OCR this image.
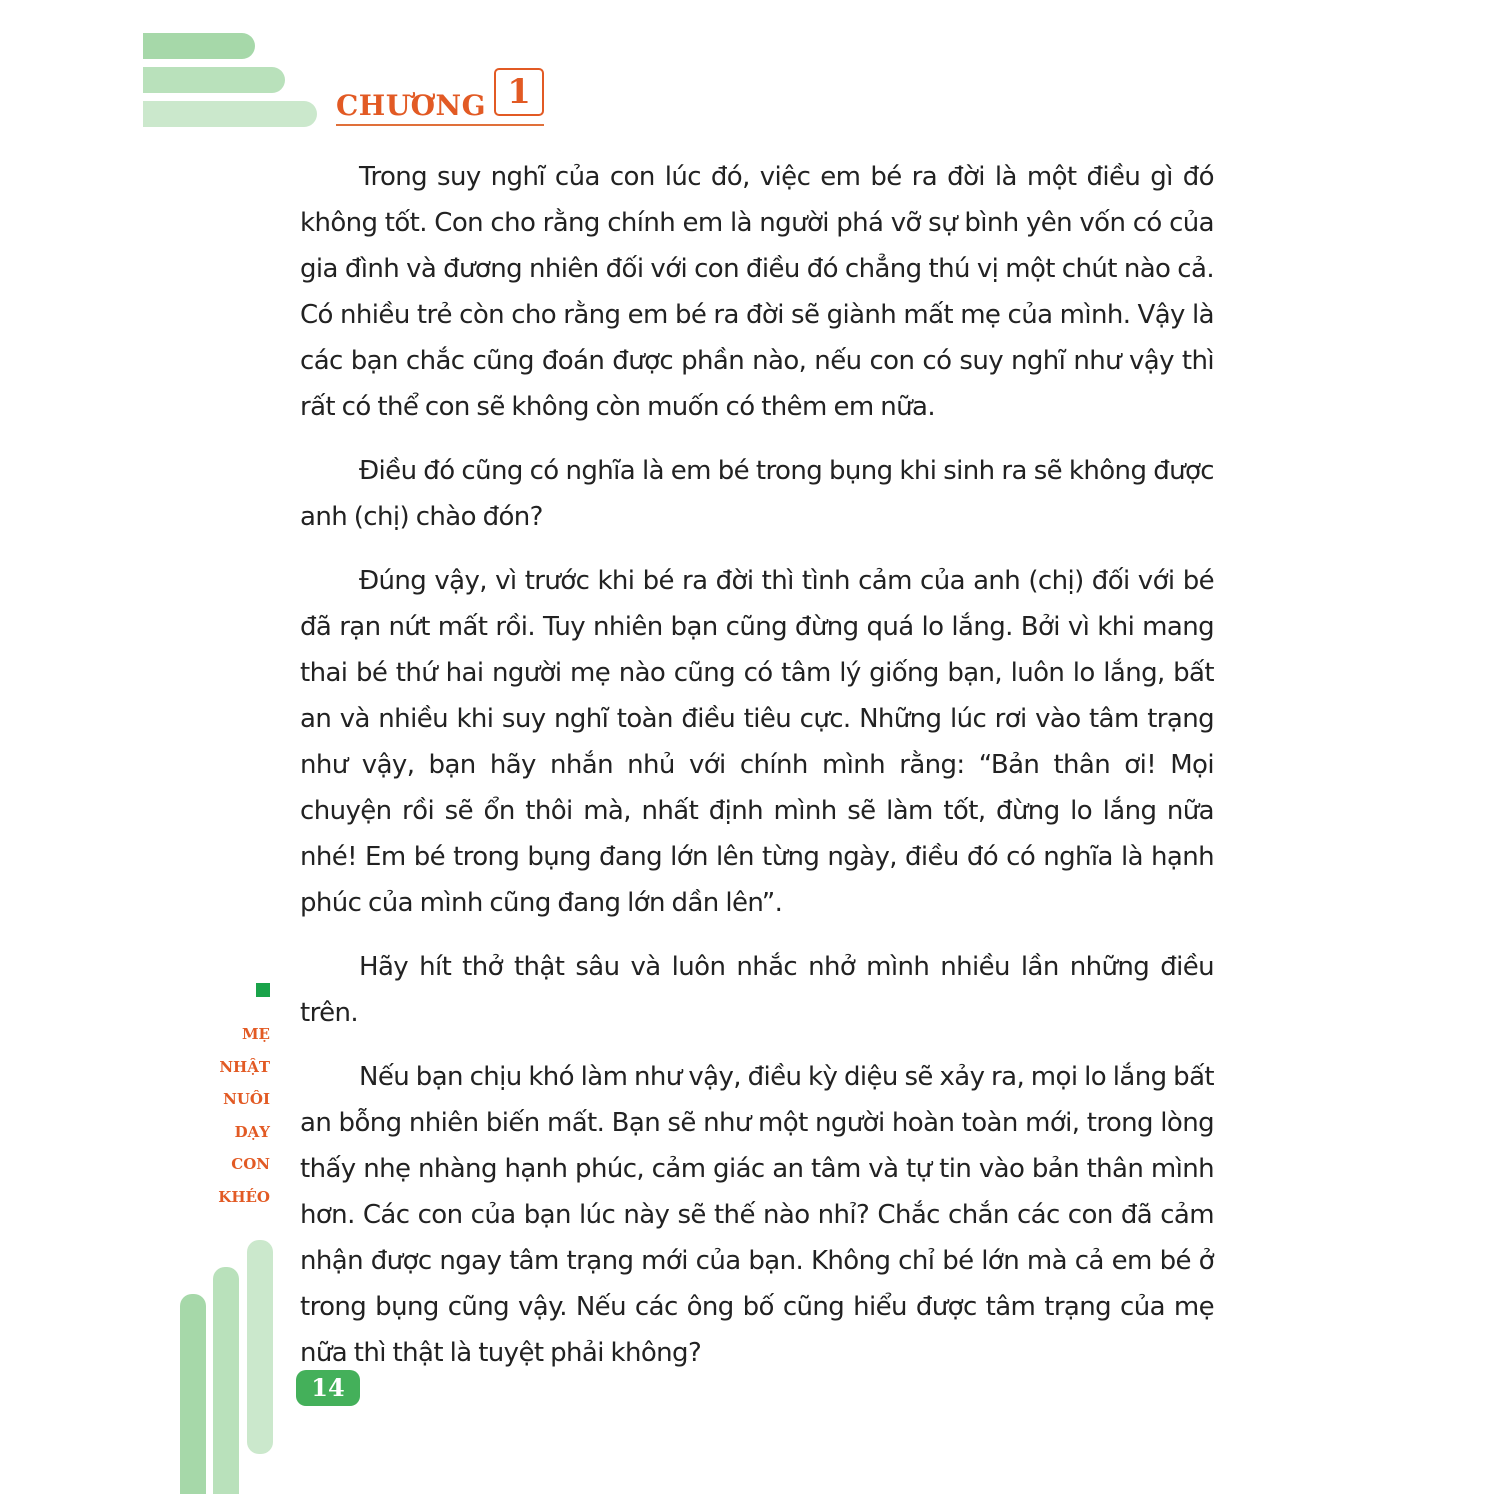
CHƯƠNG 1

Trong suy nghĩ của con lúc đó, việc em bé ra đời là một điều gì đó không tốt. Con cho rằng chính em là người phá vỡ sự bình yên vốn có của gia đình và đương nhiên đối với con điều đó chẳng thú vị một chút nào cả. Có nhiều trẻ còn cho rằng em bé ra đời sẽ giành mất mẹ của mình. Vậy là các bạn chắc cũng đoán được phần nào, nếu con có suy nghĩ như vậy thì rất có thể con sẽ không còn muốn có thêm em nữa.

Điều đó cũng có nghĩa là em bé trong bụng khi sinh ra sẽ không được anh (chị) chào đón?

Đúng vậy, vì trước khi bé ra đời thì tình cảm của anh (chị) đối với bé đã rạn nứt mất rồi. Tuy nhiên bạn cũng đừng quá lo lắng. Bởi vì khi mang thai bé thứ hai người mẹ nào cũng có tâm lý giống bạn, luôn lo lắng, bất an và nhiều khi suy nghĩ toàn điều tiêu cực. Những lúc rơi vào tâm trạng như vậy, bạn hãy nhắn nhủ với chính mình rằng: “Bản thân ơi! Mọi chuyện rồi sẽ ổn thôi mà, nhất định mình sẽ làm tốt, đừng lo lắng nữa nhé! Em bé trong bụng đang lớn lên từng ngày, điều đó có nghĩa là hạnh phúc của mình cũng đang lớn dần lên”.

Hãy hít thở thật sâu và luôn nhắc nhở mình nhiều lần những điều trên.

Nếu bạn chịu khó làm như vậy, điều kỳ diệu sẽ xảy ra, mọi lo lắng bất an bỗng nhiên biến mất. Bạn sẽ như một người hoàn toàn mới, trong lòng thấy nhẹ nhàng hạnh phúc, cảm giác an tâm và tự tin vào bản thân mình hơn. Các con của bạn lúc này sẽ thế nào nhỉ? Chắc chắn các con đã cảm nhận được ngay tâm trạng mới của bạn. Không chỉ bé lớn mà cả em bé ở trong bụng cũng vậy. Nếu các ông bố cũng hiểu được tâm trạng của mẹ nữa thì thật là tuyệt phải không?

MẸ
NHẬT
NUÔI
DẠY
CON
KHÉO
14
